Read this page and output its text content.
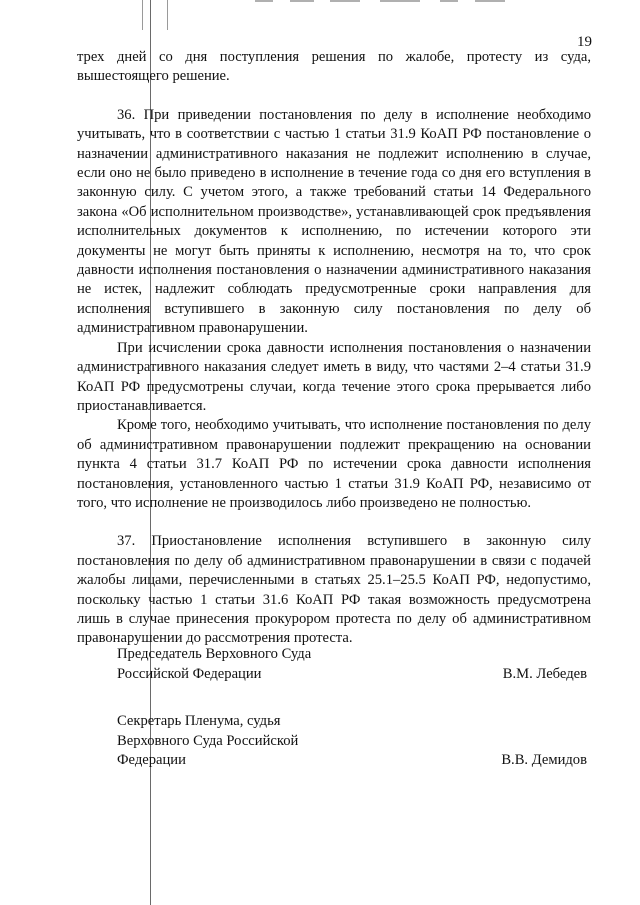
19

трех дней со дня поступления решения по жалобе, протесту из суда, вышестоящего решение.

36. При приведении постановления по делу в исполнение необходимо учитывать, что в соответствии с частью 1 статьи 31.9 КоАП РФ постановление о назначении административного наказания не подлежит исполнению в случае, если оно не было приведено в исполнение в течение года со дня его вступления в законную силу. С учетом этого, а также требований статьи 14 Федерального закона «Об исполнительном производстве», устанавливающей срок предъявления исполнительных документов к исполнению, по истечении которого эти документы не могут быть приняты к исполнению, несмотря на то, что срок давности исполнения постановления о назначении административного наказания не истек, надлежит соблюдать предусмотренные сроки направления для исполнения вступившего в законную силу постановления по делу об административном правонарушении.

При исчислении срока давности исполнения постановления о назначении административного наказания следует иметь в виду, что частями 2–4 статьи 31.9 КоАП РФ предусмотрены случаи, когда течение этого срока прерывается либо приостанавливается.

Кроме того, необходимо учитывать, что исполнение постановления по делу об административном правонарушении подлежит прекращению на основании пункта 4 статьи 31.7 КоАП РФ по истечении срока давности исполнения постановления, установленного частью 1 статьи 31.9 КоАП РФ, независимо от того, что исполнение не производилось либо произведено не полностью.

37. Приостановление исполнения вступившего в законную силу постановления по делу об административном правонарушении в связи с подачей жалобы лицами, перечисленными в статьях 25.1–25.5 КоАП РФ, недопустимо, поскольку частью 1 статьи 31.6 КоАП РФ такая возможность предусмотрена лишь в случае принесения прокурором протеста по делу об административном правонарушении до рассмотрения протеста.

Председатель Верховного Суда
Российской Федерации	В.М. Лебедев
Секретарь Пленума, судья
Верховного Суда Российской
Федерации	В.В. Демидов
